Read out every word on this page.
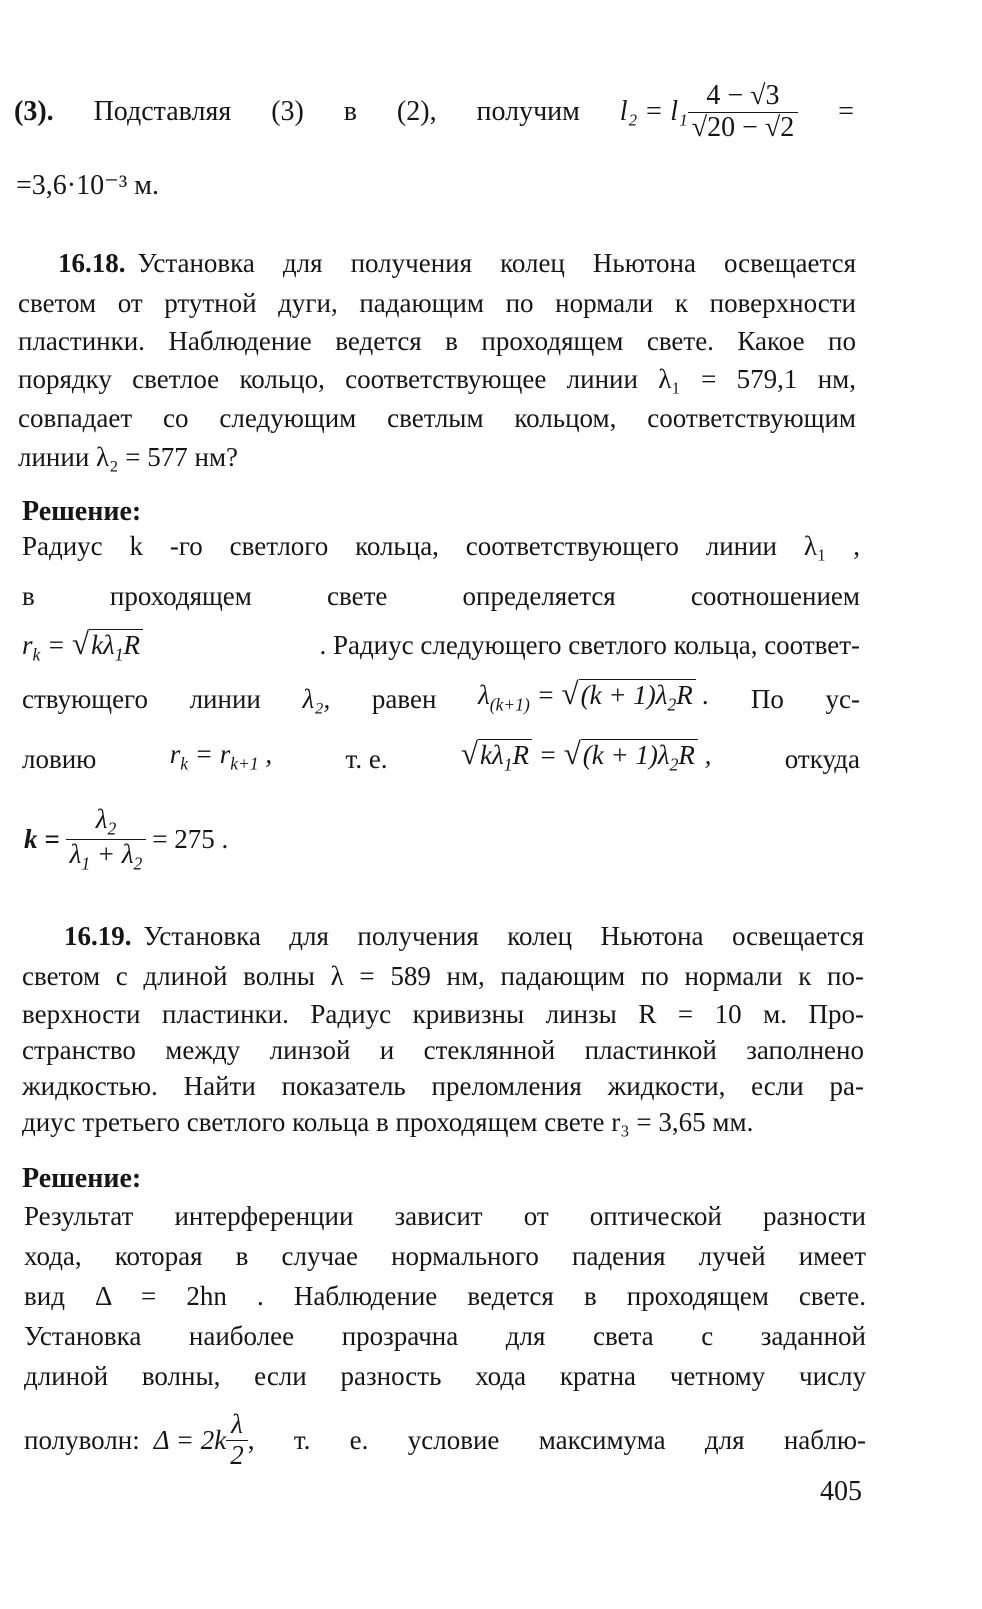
(3). Подставляя (3) в (2), получим $l_2 = l_1 \frac{4 - √3}{√20 - √2}$ =
=3,6·10⁻³ м.
16.18. Установка для получения колец Ньютона освещается
светом от ртутной дуги, падающим по нормали к поверхности
пластинки. Наблюдение ведется в проходящем свете. Какое по
порядку светлое кольцо, соответствующее линии λ₁ = 579,1 нм,
совпадает со следующим светлым кольцом, соответствующим
линии λ₂ = 577 нм?
Решение:
Радиус k -го светлого кольца, соответствующего линии λ₁ ,
в	проходящем	свете	определяется	соотношением
$r_k = √k\lambda_1R$	. Радиус следующего светлого кольца, соответ-
ствующего линии λ₂, равен $\lambda_{(k+1)} = √(k + 1)\lambda_2R$ . По ус-
ловию	$r_k = r_{k+1}$ ,	т. е. $√k\lambda_1R = √(k + 1)\lambda_2R$ ,	откуда
$k = \frac{\lambda_2}{\lambda_1 + \lambda_2} = 275$ .
16.19. Установка для получения колец Ньютона освещается
светом с длиной волны λ = 589 нм, падающим по нормали к по-
верхности пластинки. Радиус кривизны линзы R = 10 м. Про-
странство между линзой и стеклянной пластинкой заполнено
жидкостью. Найти показатель преломления жидкости, если ра-
диус третьего светлого кольца в проходящем свете r₃ = 3,65 мм.
Решение:
Результат интерференции зависит от оптической разности
хода, которая в случае нормального падения лучей имеет
вид Δ = 2hn . Наблюдение ведется в проходящем свете.
Установка наиболее прозрачна для света с заданной
длиной волны, если разность хода кратна четному числу
полуволн: $\Delta = 2k \frac{\lambda}{2}$ , т. е. условие максимума для наблю-
405
